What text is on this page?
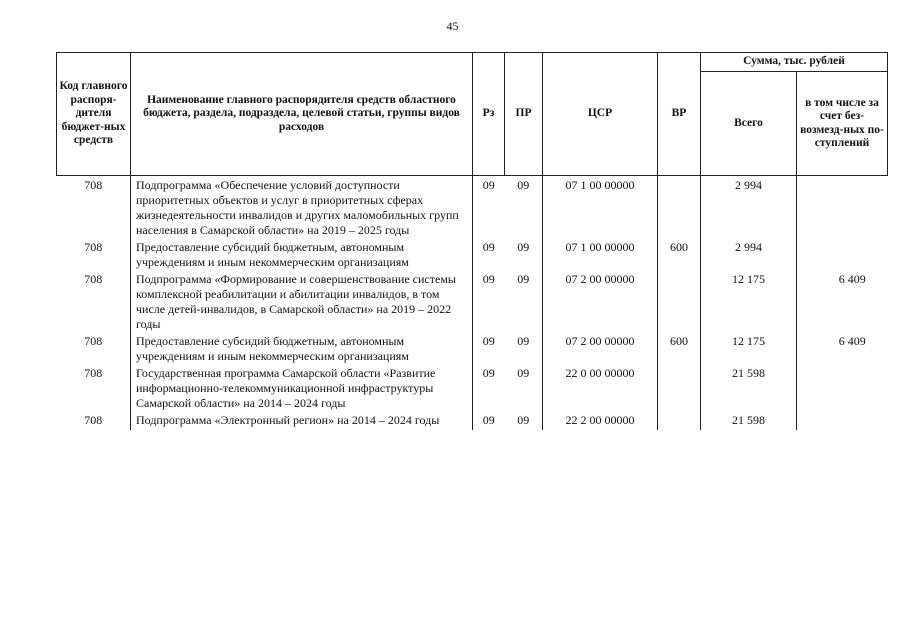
45
Код главного распоря-дителя бюджет-ных средств	Наименование главного распорядителя средств областного бюджета, раздела, подраздела, целевой статьи, группы видов расходов	Рз	ПР	ЦСР	ВР	Сумма, тыс. рублей	
						Всего	в том числе за счет без-возмезд-ных по-ступлений
708	Подпрограмма «Обеспечение условий доступности приоритетных объектов и услуг в приоритетных сферах жизнедеятельности инвалидов и других маломобильных групп населения в Самарской области» на 2019 – 2025 годы	09	09	07 1 00 00000		2 994	
708	Предоставление субсидий бюджетным, автономным учреждениям и иным некоммерческим организациям	09	09	07 1 00 00000	600	2 994	
708	Подпрограмма «Формирование и совершенствование системы комплексной реабилитации и абилитации инвалидов, в том числе детей-инвалидов, в Самарской области» на 2019 – 2022 годы	09	09	07 2 00 00000		12 175	6 409
708	Предоставление субсидий бюджетным, автономным учреждениям и иным некоммерческим организациям	09	09	07 2 00 00000	600	12 175	6 409
708	Государственная программа Самарской области «Развитие информационно-телекоммуникационной инфраструктуры Самарской области» на 2014 – 2024 годы	09	09	22 0 00 00000		21 598	
708	Подпрограмма «Электронный регион» на 2014 – 2024 годы	09	09	22 2 00 00000		21 598	
